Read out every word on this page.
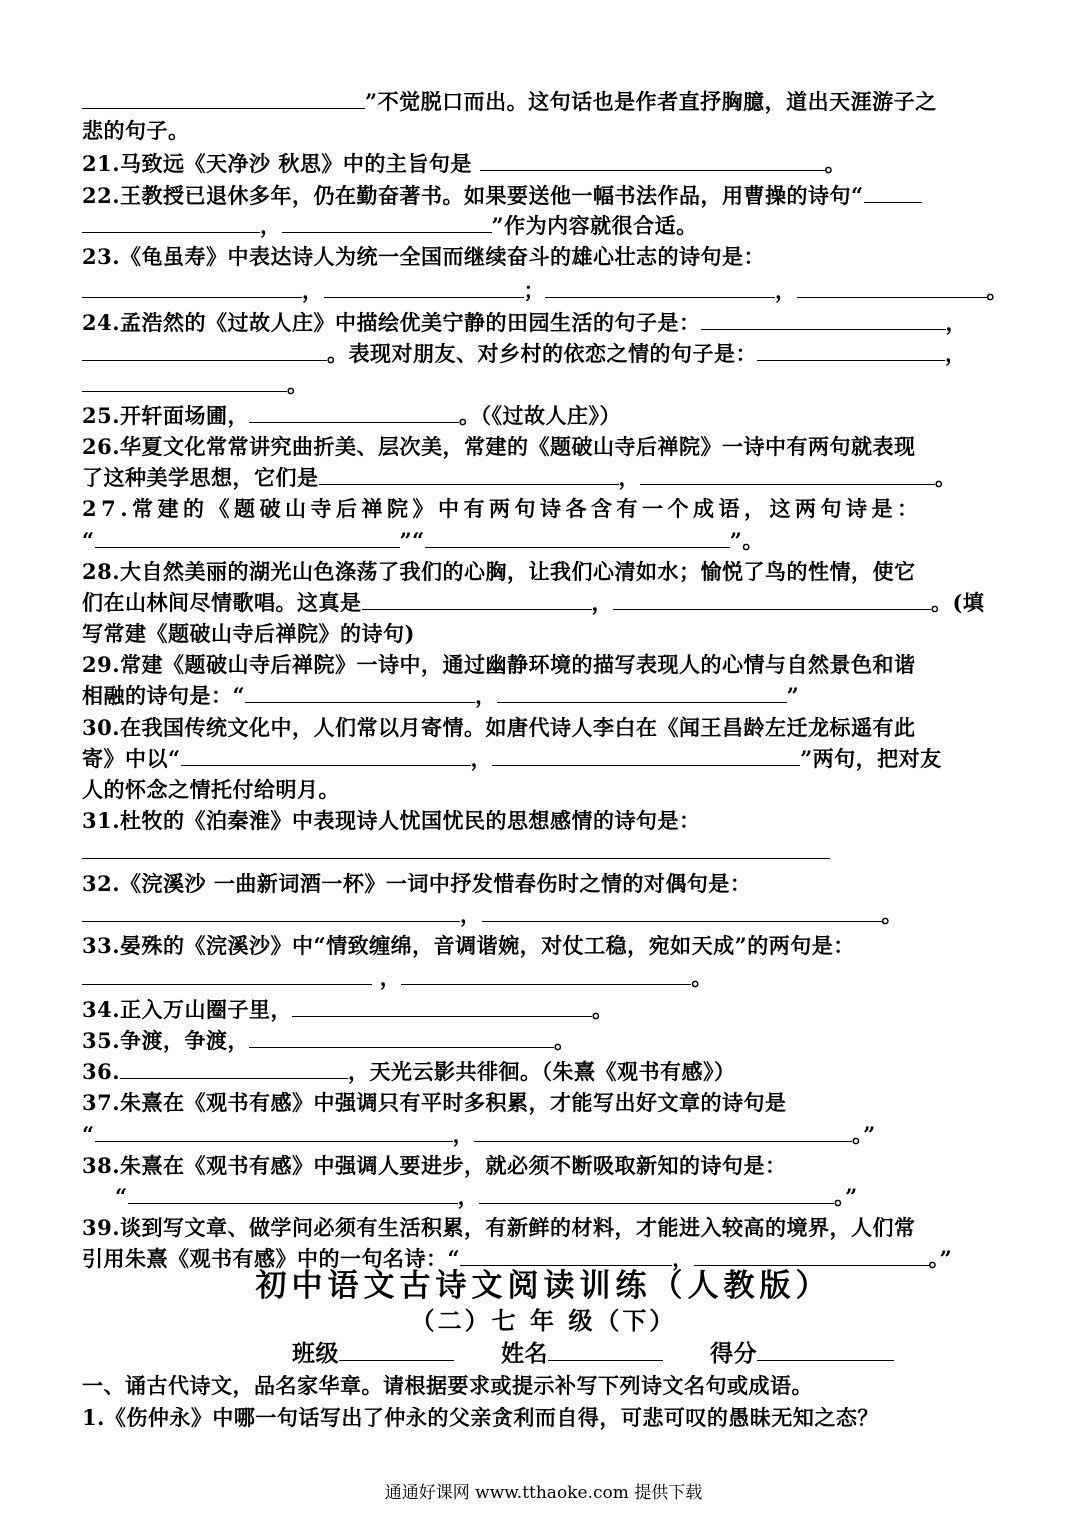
”不觉脱口而出。这句话也是作者直抒胸臆，道出天涯游子之
悲的句子。
21.马致远《天净沙 秋思》中的主旨句是	。
22.王教授已退休多年，仍在勤奋著书。如果要送他一幅书法作品，用曹操的诗句“
，	”作为内容就很合适。
23.《龟虽寿》中表达诗人为统一全国而继续奋斗的雄心壮志的诗句是：
，	；	，	。
24.孟浩然的《过故人庄》中描绘优美宁静的田园生活的句子是：	，
。表现对朋友、对乡村的依恋之情的句子是：	，
。
25.开轩面场圃，	。（《过故人庄》）
26.华夏文化常常讲究曲折美、层次美，常建的《题破山寺后禅院》一诗中有两句就表现
了这种美学思想，它们是	，	。
27.常建的《题破山寺后禅院》中有两句诗各含有一个成语，这两句诗是：
“	”“	”。
28.大自然美丽的湖光山色涤荡了我们的心胸，让我们心清如水；愉悦了鸟的性情，使它
们在山林间尽情歌唱。这真是	，	。(填
写常建《题破山寺后禅院》的诗句)
29.常建《题破山寺后禅院》一诗中，通过幽静环境的描写表现人的心情与自然景色和谐
相融的诗句是：“	，	”
30.在我国传统文化中，人们常以月寄情。如唐代诗人李白在《闻王昌龄左迁龙标遥有此
寄》中以“	，	”两句，把对友
人的怀念之情托付给明月。
31.杜牧的《泊秦淮》中表现诗人忧国忧民的思想感情的诗句是：
32.《浣溪沙 一曲新词酒一杯》一词中抒发惜春伤时之情的对偶句是：
，	。
33.晏殊的《浣溪沙》中“情致缠绵，音调谐婉，对仗工稳，宛如天成”的两句是：
，	。
34.正入万山圈子里，	。
35.争渡，争渡，	。
36.	，天光云影共徘徊。（朱熹《观书有感》）
37.朱熹在《观书有感》中强调只有平时多积累，才能写出好文章的诗句是
“	，	。”
38.朱熹在《观书有感》中强调人要进步，就必须不断吸取新知的诗句是：
“	，	。”
39.谈到写文章、做学问必须有生活积累，有新鲜的材料，才能进入较高的境界，人们常
引用朱熹《观书有感》中的一句名诗：“	，	。”
初中语文古诗文阅读训练（人教版）
（二）七 年 级（下）
班级	姓名	得分
一、诵古代诗文，品名家华章。请根据要求或提示补写下列诗文名句或成语。
1.《伤仲永》中哪一句话写出了仲永的父亲贪利而自得，可悲可叹的愚昧无知之态？
通通好课网 www.tthaoke.com 提供下载
